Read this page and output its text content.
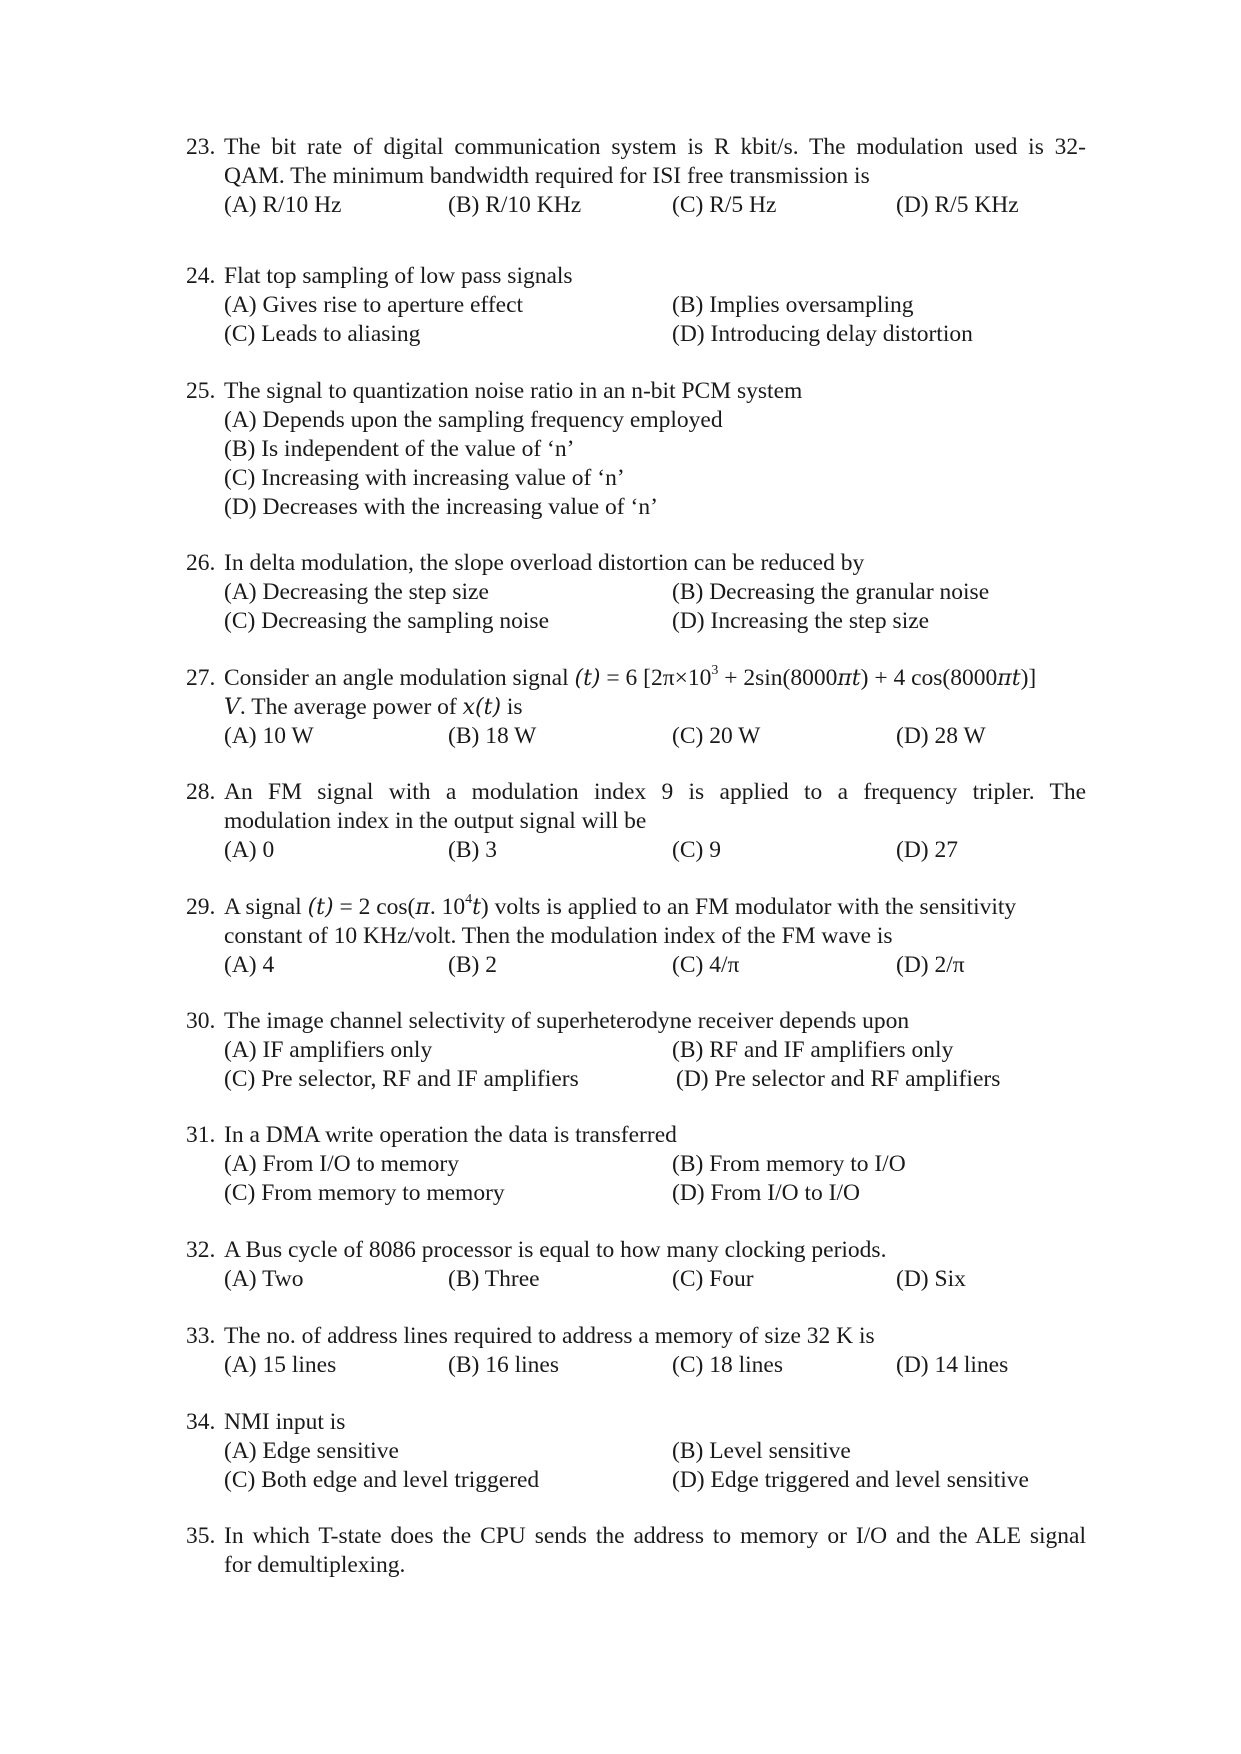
23. The bit rate of digital communication system is R kbit/s. The modulation used is 32-
QAM. The minimum bandwidth required for ISI free transmission is
(A) R/10 Hz	(B) R/10 KHz	(C) R/5 Hz	(D) R/5 KHz
24. Flat top sampling of low pass signals
(A) Gives rise to aperture effect	(B) Implies oversampling
(C) Leads to aliasing	(D) Introducing delay distortion
25. The signal to quantization noise ratio in an n-bit PCM system
(A) Depends upon the sampling frequency employed
(B) Is independent of the value of ‘n’
(C) Increasing with increasing value of ‘n’
(D) Decreases with the increasing value of ‘n’
26. In delta modulation, the slope overload distortion can be reduced by
(A) Decreasing the step size	(B) Decreasing the granular noise
(C) Decreasing the sampling noise	(D) Increasing the step size
27. Consider an angle modulation signal (t) = 6 [$2\pi\times 10^3 + 2\sin(8000\pi t) + 4$ cos(8000πt)]
V. The average power of x(t) is
(A) 10 W	(B) 18 W	(C) 20 W	(D) 28 W
28. An FM signal with a modulation index 9 is applied to a frequency tripler. The
modulation index in the output signal will be
(A) 0	(B) 3	(C) 9	(D) 27
29. A signal (t) = 2 cos(π. $10^4t$) volts is applied to an FM modulator with the sensitivity
constant of 10 KHz/volt. Then the modulation index of the FM wave is
(A) 4	(B) 2	(C) 4/π	(D) 2/π
30. The image channel selectivity of superheterodyne receiver depends upon
(A) IF amplifiers only	(B) RF and IF amplifiers only
(C) Pre selector, RF and IF amplifiers	(D) Pre selector and RF amplifiers
31. In a DMA write operation the data is transferred
(A) From I/O to memory	(B) From memory to I/O
(C) From memory to memory	(D) From I/O to I/O
32. A Bus cycle of 8086 processor is equal to how many clocking periods.
(A) Two	(B) Three	(C) Four	(D) Six
33. The no. of address lines required to address a memory of size 32 K is
(A) 15 lines	(B) 16 lines	(C) 18 lines	(D) 14 lines
34. NMI input is
(A) Edge sensitive	(B) Level sensitive
(C) Both edge and level triggered	(D) Edge triggered and level sensitive
35. In which T-state does the CPU sends the address to memory or I/O and the ALE signal
for demultiplexing.
